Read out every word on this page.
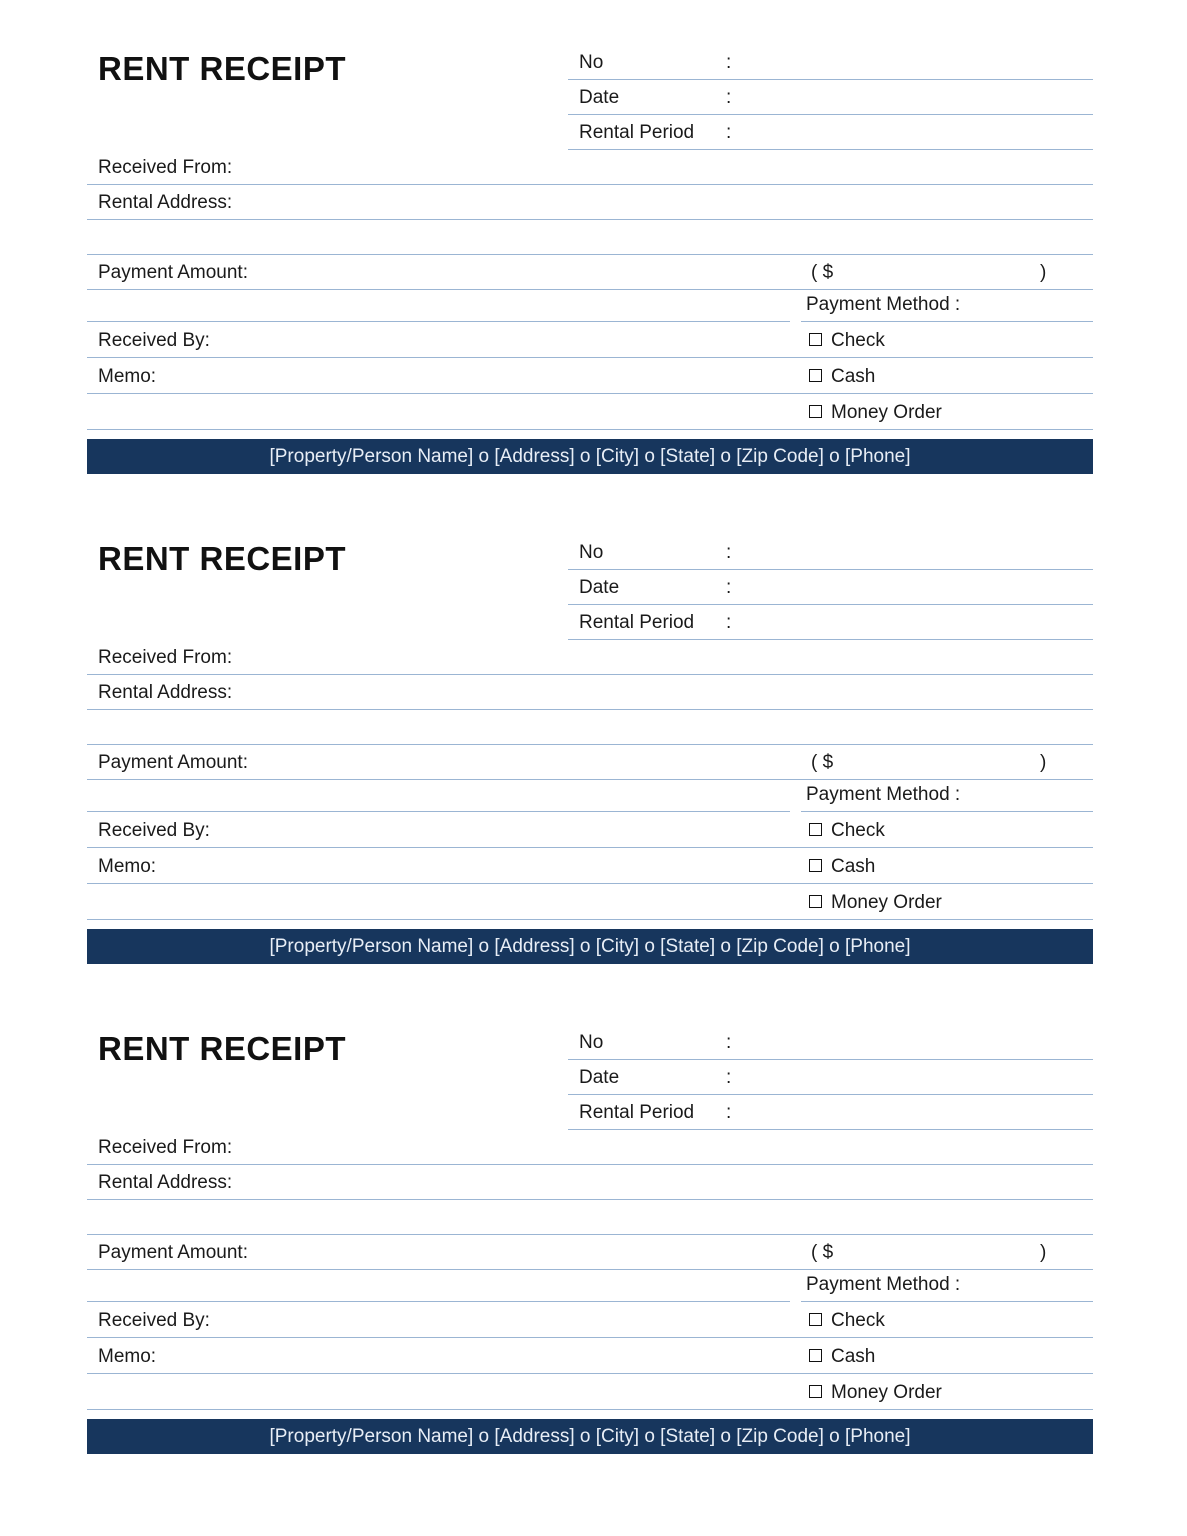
RENT RECEIPT	No	:
Date	:
Rental Period :
Received From:
Rental Address:
Payment Amount:	( $	)
Payment Method :
Received By:	Check
Memo:	Cash
Money Order
[Property/Person Name] o [Address] o [City] o [State] o [Zip Code] o [Phone]
RENT RECEIPT	No	:
Date	:
Rental Period :
Received From:
Rental Address:
Payment Amount:	( $	)
Payment Method :
Received By:	Check
Memo:	Cash
Money Order
[Property/Person Name] o [Address] o [City] o [State] o [Zip Code] o [Phone]
RENT RECEIPT	No	:
Date	:
Rental Period :
Received From:
Rental Address:
Payment Amount:	( $	)
Payment Method :
Received By:	Check
Memo:	Cash
Money Order
[Property/Person Name] o [Address] o [City] o [State] o [Zip Code] o [Phone]
